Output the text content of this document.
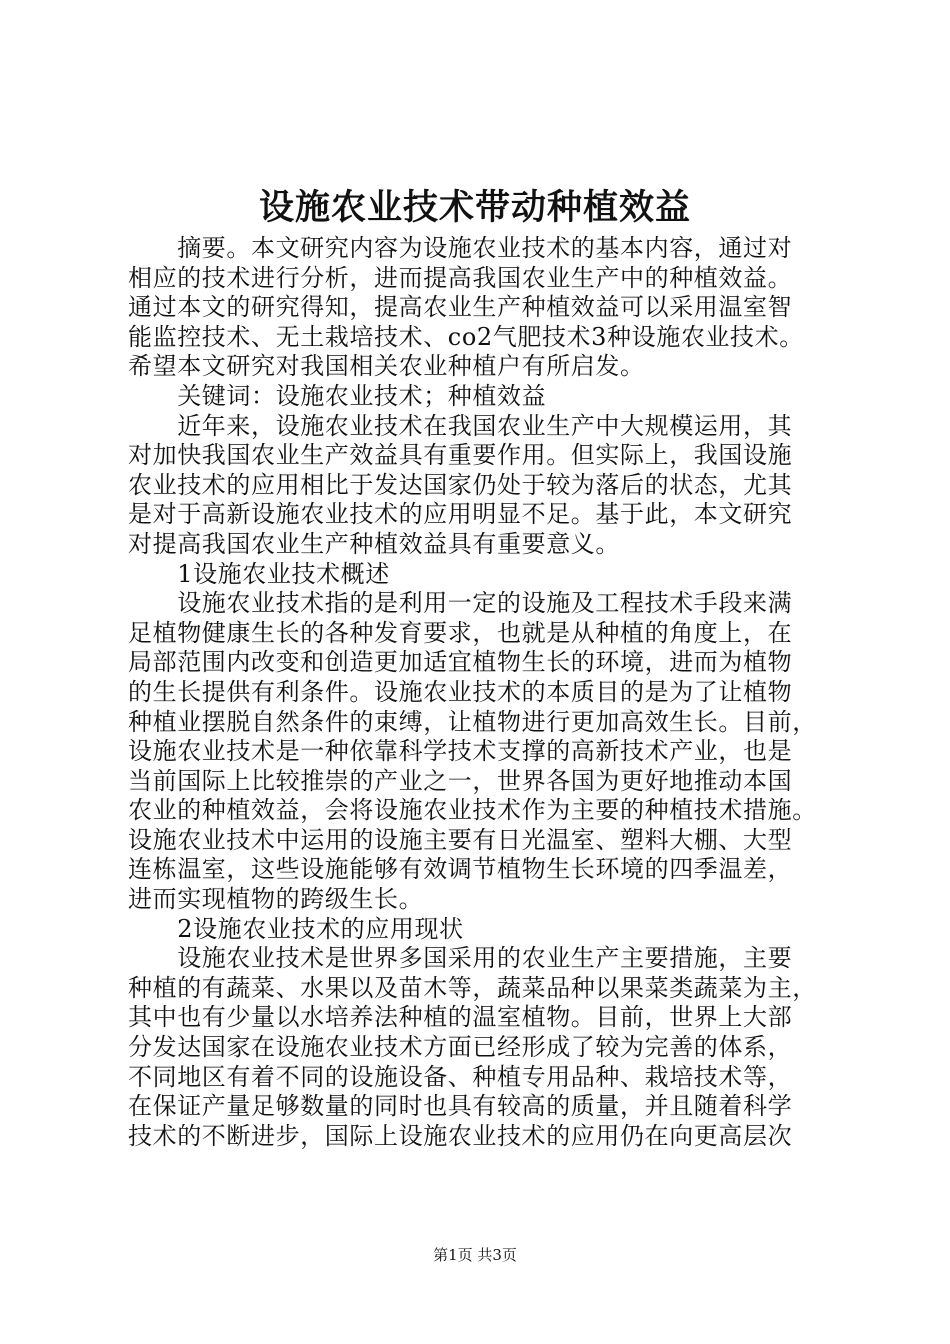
设施农业技术带动种植效益
　　摘要。本文研究内容为设施农业技术的基本内容，通过对
相应的技术进行分析，进而提高我国农业生产中的种植效益。
通过本文的研究得知，提高农业生产种植效益可以采用温室智
能监控技术、无土栽培技术、co2气肥技术3种设施农业技术。
希望本文研究对我国相关农业种植户有所启发。
　　关键词：设施农业技术；种植效益
　　近年来，设施农业技术在我国农业生产中大规模运用，其
对加快我国农业生产效益具有重要作用。但实际上，我国设施
农业技术的应用相比于发达国家仍处于较为落后的状态，尤其
是对于高新设施农业技术的应用明显不足。基于此，本文研究
对提高我国农业生产种植效益具有重要意义。
　　1设施农业技术概述
　　设施农业技术指的是利用一定的设施及工程技术手段来满
足植物健康生长的各种发育要求，也就是从种植的角度上，在
局部范围内改变和创造更加适宜植物生长的环境，进而为植物
的生长提供有利条件。设施农业技术的本质目的是为了让植物
种植业摆脱自然条件的束缚，让植物进行更加高效生长。目前，
设施农业技术是一种依靠科学技术支撑的高新技术产业，也是
当前国际上比较推崇的产业之一，世界各国为更好地推动本国
农业的种植效益，会将设施农业技术作为主要的种植技术措施。
设施农业技术中运用的设施主要有日光温室、塑料大棚、大型
连栋温室，这些设施能够有效调节植物生长环境的四季温差，
进而实现植物的跨级生长。
　　2设施农业技术的应用现状
　　设施农业技术是世界多国采用的农业生产主要措施，主要
种植的有蔬菜、水果以及苗木等，蔬菜品种以果菜类蔬菜为主，
其中也有少量以水培养法种植的温室植物。目前，世界上大部
分发达国家在设施农业技术方面已经形成了较为完善的体系，
不同地区有着不同的设施设备、种植专用品种、栽培技术等，
在保证产量足够数量的同时也具有较高的质量，并且随着科学
技术的不断进步，国际上设施农业技术的应用仍在向更高层次
第1页 共3页
